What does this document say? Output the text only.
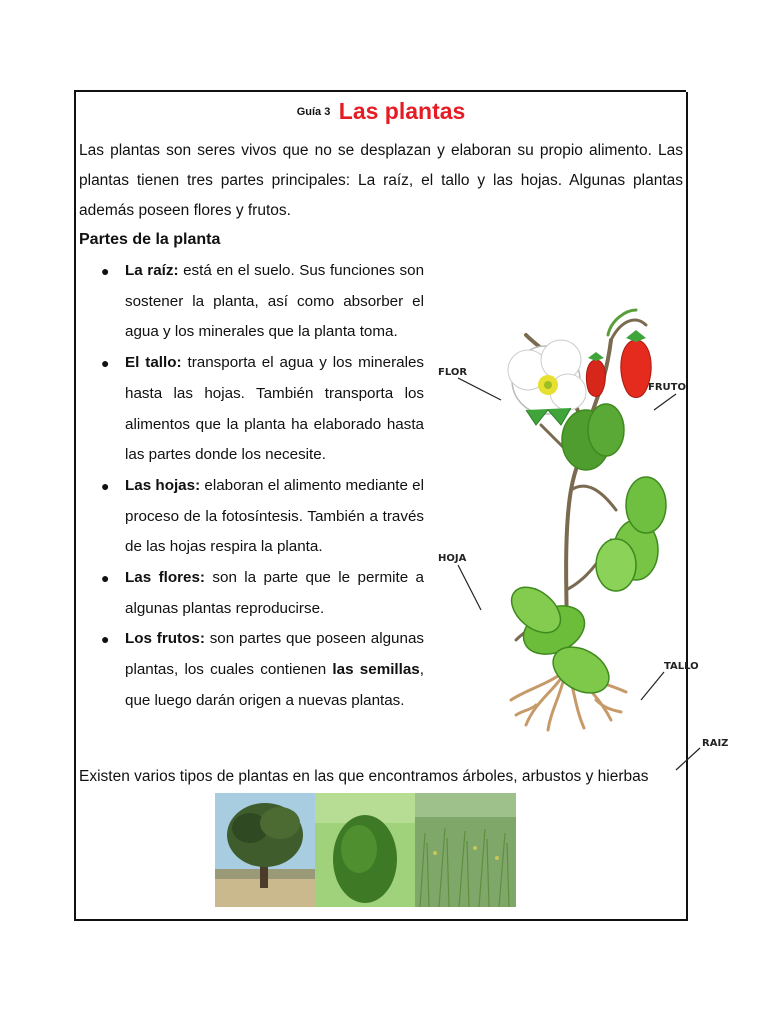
Guía 3 Las plantas

Las plantas son seres vivos que no se desplazan y elaboran su propio alimento. Las plantas tienen tres partes principales: La raíz, el tallo y las hojas. Algunas plantas además poseen flores y frutos.

Partes de la planta
● La raíz: está en el suelo. Sus funciones son sostener la planta, así como absorber el agua y los minerales que la planta toma.
● El tallo: transporta el agua y los minerales hasta las hojas. También transporta los alimentos que la planta ha elaborado hasta las partes donde los necesite.
● Las hojas: elaboran el alimento mediante el proceso de la fotosíntesis. También a través de las hojas respira la planta.
● Las flores: son la parte que le permite a algunas plantas reproducirse.
● Los frutos: son partes que poseen algunas plantas, los cuales contienen las semillas, que luego darán origen a nuevas plantas.
FLOR
FRUTO
HOJA
TALLO
RAIZ
Existen varios tipos de plantas en las que encontramos árboles, arbustos y hierbas
